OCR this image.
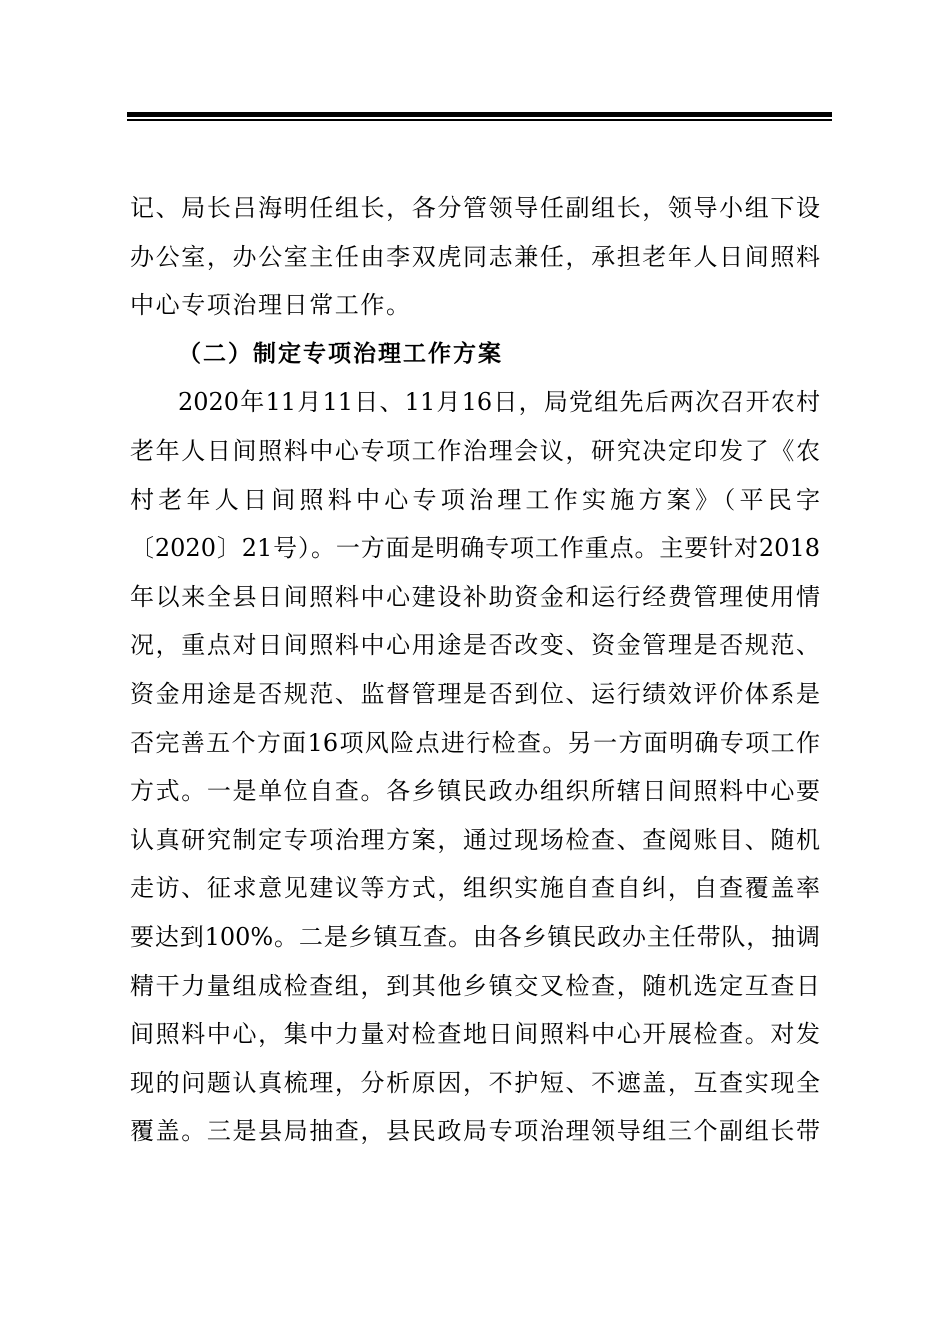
记、局长吕海明任组长，各分管领导任副组长，领导小组下设
办公室，办公室主任由李双虎同志兼任，承担老年人日间照料
中心专项治理日常工作。
（二）制定专项治理工作方案
2020年11月11日、11月16日，局党组先后两次召开农村
老年人日间照料中心专项工作治理会议，研究决定印发了《农
村老年人日间照料中心专项治理工作实施方案》（平民字
〔2020〕21号）。一方面是明确专项工作重点。主要针对2018
年以来全县日间照料中心建设补助资金和运行经费管理使用情
况，重点对日间照料中心用途是否改变、资金管理是否规范、
资金用途是否规范、监督管理是否到位、运行绩效评价体系是
否完善五个方面16项风险点进行检查。另一方面明确专项工作
方式。一是单位自查。各乡镇民政办组织所辖日间照料中心要
认真研究制定专项治理方案，通过现场检查、查阅账目、随机
走访、征求意见建议等方式，组织实施自查自纠，自查覆盖率
要达到100%。二是乡镇互查。由各乡镇民政办主任带队，抽调
精干力量组成检查组，到其他乡镇交叉检查，随机选定互查日
间照料中心，集中力量对检查地日间照料中心开展检查。对发
现的问题认真梳理，分析原因，不护短、不遮盖，互查实现全
覆盖。三是县局抽查，县民政局专项治理领导组三个副组长带
